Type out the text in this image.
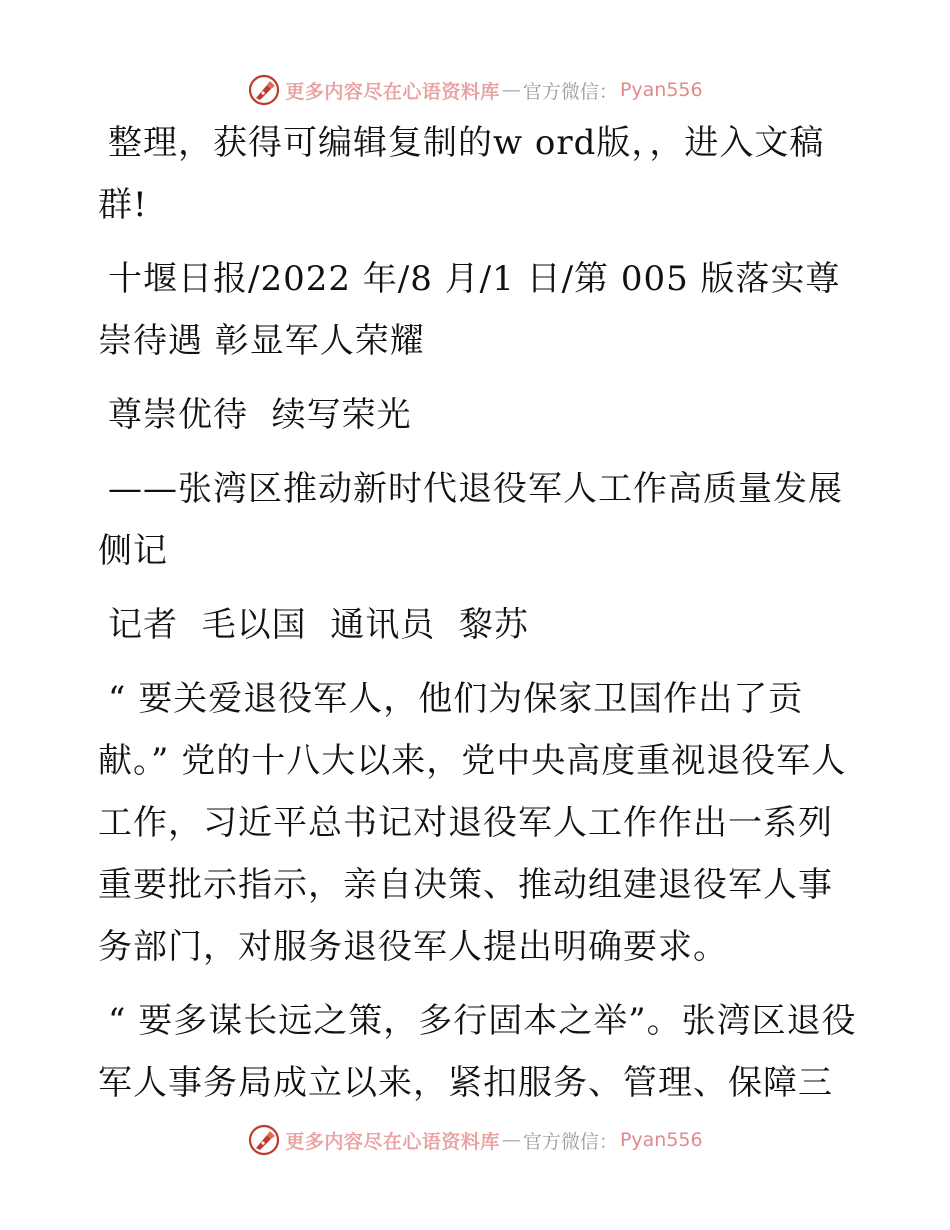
更多内容尽在心语资料库 — 官方微信： Pyan556

整理，获得可编辑复制的w ord版，，进入文稿群!

十堰日报/2022 年/8 月/1 日/第 005 版落实尊崇待遇 彰显军人荣耀

尊崇优待  续写荣光

——张湾区推动新时代退役军人工作高质量发展侧记

记者  毛以国  通讯员  黎苏

“ 要关爱退役军人，他们为保家卫国作出了贡献。” 党的十八大以来，党中央高度重视退役军人工作，习近平总书记对退役军人工作作出一系列重要批示指示，亲自决策、推动组建退役军人事务部门，对服务退役军人提出明确要求。

“ 要多谋长远之策，多行固本之举”。张湾区退役军人事务局成立以来，紧扣服务、管理、保障三

更多内容尽在心语资料库 — 官方微信： Pyan556
